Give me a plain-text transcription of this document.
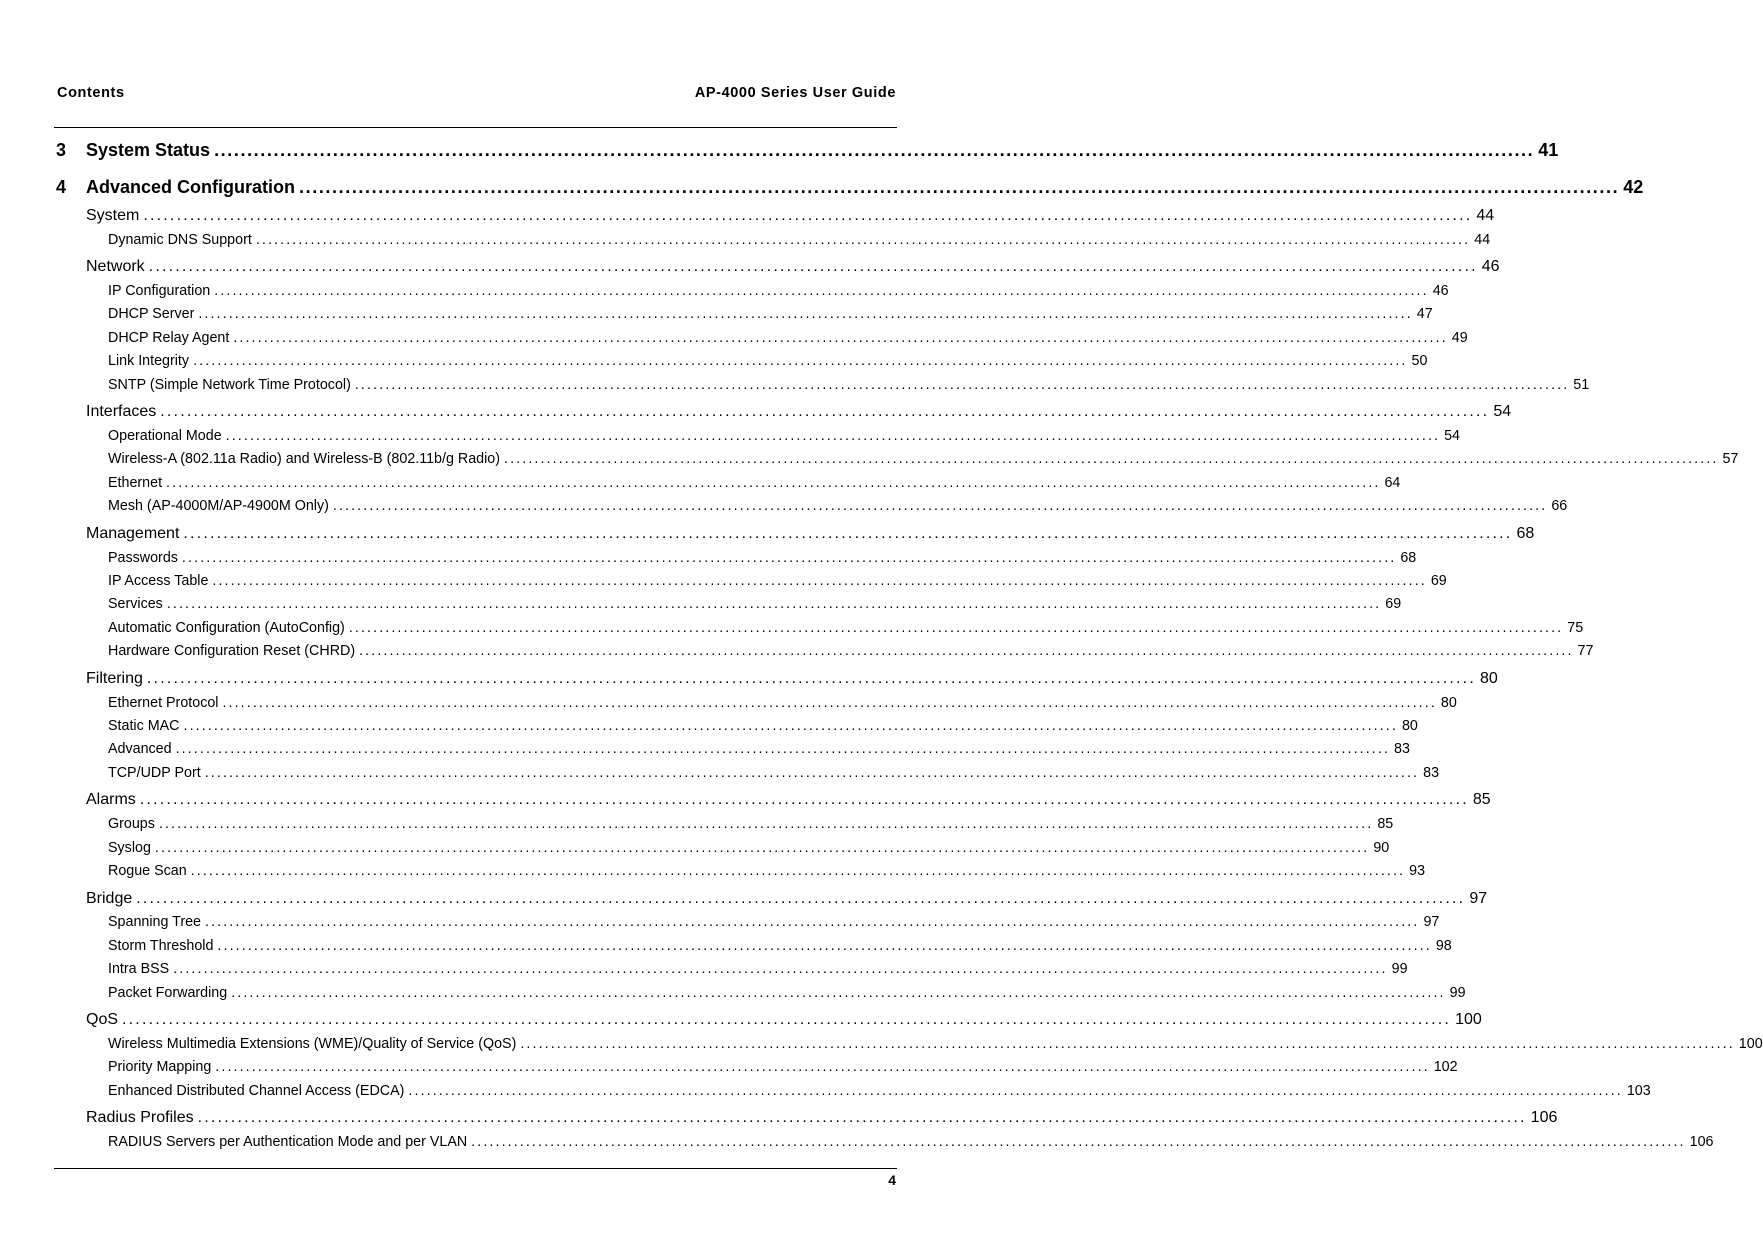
Contents	AP-4000 Series User Guide
3 System Status ........................................................................................................................................................................................................ 41
4 Advanced Configuration ........................................................................................................................................................................................................ 42
System ........................................................................................................................................................................................................ 44
Dynamic DNS Support ........................................................................................................................................................................................................ 44
Network ........................................................................................................................................................................................................ 46
IP Configuration ........................................................................................................................................................................................................ 46
DHCP Server ........................................................................................................................................................................................................ 47
DHCP Relay Agent ........................................................................................................................................................................................................ 49
Link Integrity ........................................................................................................................................................................................................ 50
SNTP (Simple Network Time Protocol) ........................................................................................................................................................................................................ 51
Interfaces ........................................................................................................................................................................................................ 54
Operational Mode ........................................................................................................................................................................................................ 54
Wireless-A (802.11a Radio) and Wireless-B (802.11b/g Radio) ........................................................................................................................................................................................................ 57
Ethernet ........................................................................................................................................................................................................ 64
Mesh (AP-4000M/AP-4900M Only) ........................................................................................................................................................................................................ 66
Management ........................................................................................................................................................................................................ 68
Passwords ........................................................................................................................................................................................................ 68
IP Access Table ........................................................................................................................................................................................................ 69
Services ........................................................................................................................................................................................................ 69
Automatic Configuration (AutoConfig) ........................................................................................................................................................................................................ 75
Hardware Configuration Reset (CHRD) ........................................................................................................................................................................................................ 77
Filtering ........................................................................................................................................................................................................ 80
Ethernet Protocol ........................................................................................................................................................................................................ 80
Static MAC ........................................................................................................................................................................................................ 80
Advanced ........................................................................................................................................................................................................ 83
TCP/UDP Port ........................................................................................................................................................................................................ 83
Alarms ........................................................................................................................................................................................................ 85
Groups ........................................................................................................................................................................................................ 85
Syslog ........................................................................................................................................................................................................ 90
Rogue Scan ........................................................................................................................................................................................................ 93
Bridge ........................................................................................................................................................................................................ 97
Spanning Tree ........................................................................................................................................................................................................ 97
Storm Threshold ........................................................................................................................................................................................................ 98
Intra BSS ........................................................................................................................................................................................................ 99
Packet Forwarding ........................................................................................................................................................................................................ 99
QoS ........................................................................................................................................................................................................ 100
Wireless Multimedia Extensions (WME)/Quality of Service (QoS) ........................................................................................................................................................................................................ 100
Priority Mapping ........................................................................................................................................................................................................ 102
Enhanced Distributed Channel Access (EDCA) ........................................................................................................................................................................................................ 103
Radius Profiles ........................................................................................................................................................................................................ 106
RADIUS Servers per Authentication Mode and per VLAN ........................................................................................................................................................................................................ 106
4
